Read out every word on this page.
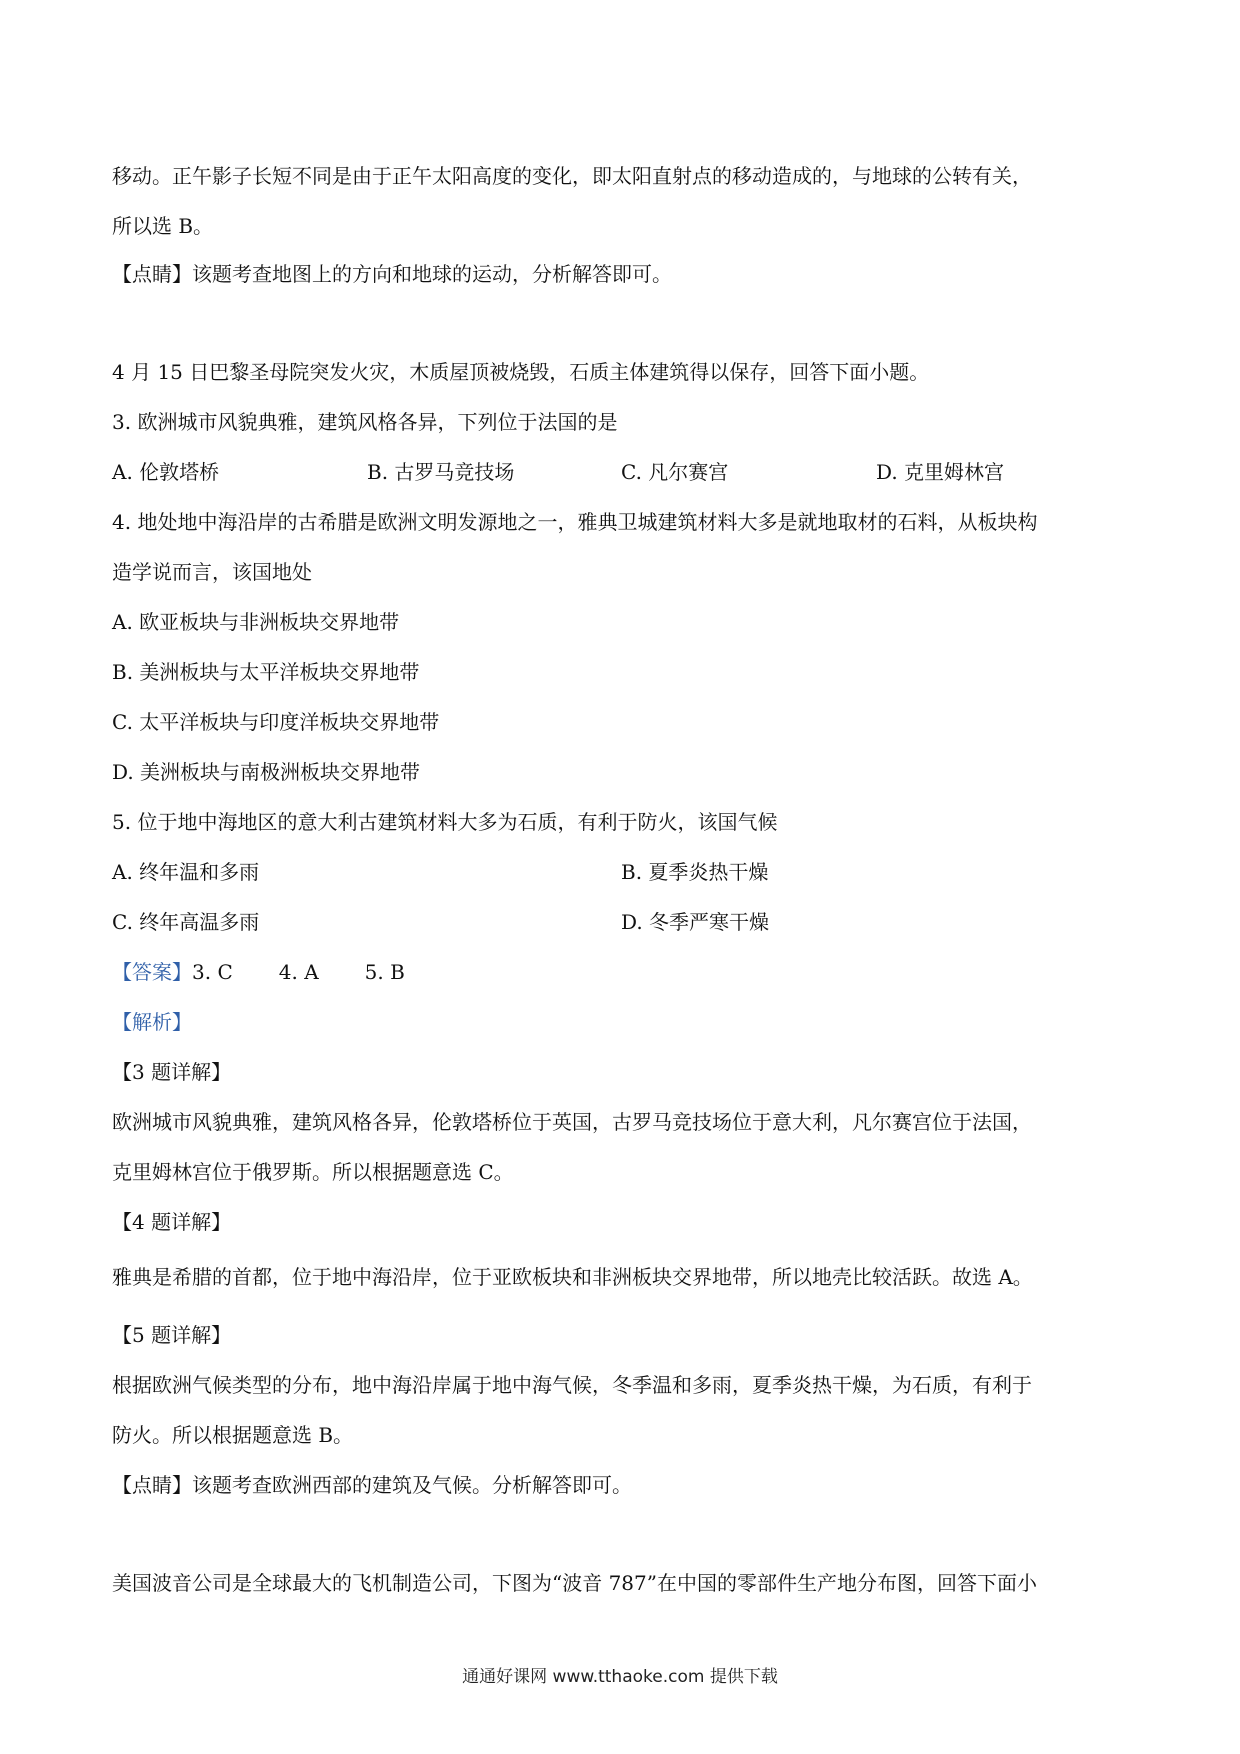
移动。正午影子长短不同是由于正午太阳高度的变化，即太阳直射点的移动造成的，与地球的公转有关，
所以选 B。
【点睛】该题考查地图上的方向和地球的运动，分析解答即可。
4 月 15 日巴黎圣母院突发火灾，木质屋顶被烧毁，石质主体建筑得以保存，回答下面小题。
3. 欧洲城市风貌典雅，建筑风格各异，下列位于法国的是
A. 伦敦塔桥	B. 古罗马竞技场	C. 凡尔赛宫	D. 克里姆林宫
4. 地处地中海沿岸的古希腊是欧洲文明发源地之一，雅典卫城建筑材料大多是就地取材的石料，从板块构
造学说而言，该国地处
A. 欧亚板块与非洲板块交界地带
B. 美洲板块与太平洋板块交界地带
C. 太平洋板块与印度洋板块交界地带
D. 美洲板块与南极洲板块交界地带
5. 位于地中海地区的意大利古建筑材料大多为石质，有利于防火，该国气候
A. 终年温和多雨	B. 夏季炎热干燥
C. 终年高温多雨	D. 冬季严寒干燥
【答案】3. C 4. A 5. B
【解析】
【3 题详解】
欧洲城市风貌典雅，建筑风格各异，伦敦塔桥位于英国，古罗马竞技场位于意大利，凡尔赛宫位于法国，
克里姆林宫位于俄罗斯。所以根据题意选 C。
【4 题详解】
雅典是希腊的首都，位于地中海沿岸，位于亚欧板块和非洲板块交界地带，所以地壳比较活跃。故选 A。
【5 题详解】
根据欧洲气候类型的分布，地中海沿岸属于地中海气候，冬季温和多雨，夏季炎热干燥，为石质，有利于
防火。所以根据题意选 B。
【点睛】该题考查欧洲西部的建筑及气候。分析解答即可。
美国波音公司是全球最大的飞机制造公司，下图为“波音 787”在中国的零部件生产地分布图，回答下面小
通通好课网 www.tthaoke.com 提供下载
